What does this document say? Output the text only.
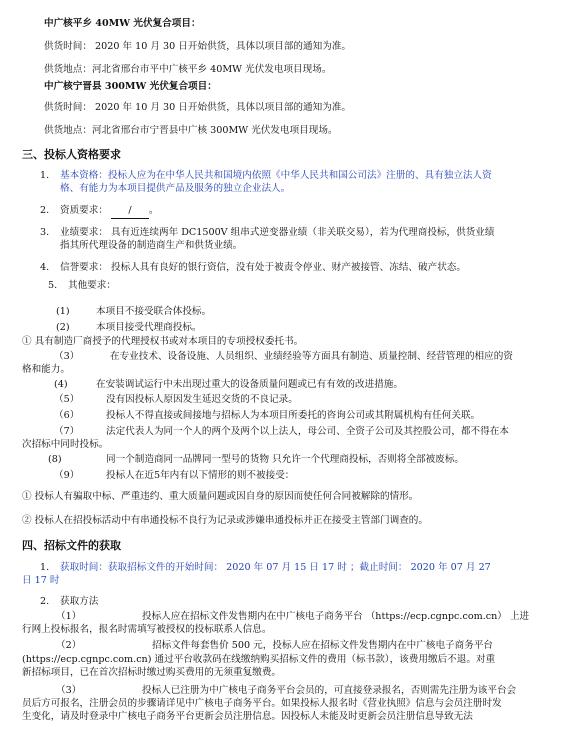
中广核平乡 40MW 光伏复合项目：
供货时间： 2020 年 10 月 30 日开始供货，具体以项目部的通知为准。
供货地点：河北省邢台市平中广核平乡 40MW 光伏发电项目现场。
中广核宁晋县 300MW 光伏复合项目：
供货时间： 2020 年 10 月 30 日开始供货，具体以项目部的通知为准。
供货地点：河北省邢台市宁晋县中广核 300MW 光伏发电项目现场。
三、投标人资格要求
1. 基本资格：投标人应为在中华人民共和国境内依照《中华人民共和国公司法》注册的、具有独立法人资
格、有能力为本项目提供产品及服务的独立企业法人。
2. 资质要求： / 。
3. 业绩要求： 具有近连续两年 DC1500V 组串式逆变器业绩（非关联交易），若为代理商投标，供货业绩
指其所代理设备的制造商生产和供货业绩。
4. 信誉要求： 投标人具有良好的银行资信，没有处于被责令停业、财产被接管、冻结、破产状态。
5. 其他要求：
(1)	本项目不接受联合体投标。
(2)	本项目接受代理商投标。
① 具有制造厂商授予的代理授权书或对本项目的专项授权委托书。
（3）	在专业技术、设备设施、人员组织、业绩经验等方面具有制造、质量控制、经营管理的相应的资
格和能力。
(4)	在安装调试运行中未出现过重大的设备质量问题或已有有效的改进措施。
（5）	没有因投标人原因发生延迟交货的不良记录。
（6）	投标人不得直接或间接地与招标人为本项目所委托的咨询公司或其附属机构有任何关联。
（7）	法定代表人为同一个人的两个及两个以上法人，母公司、全资子公司及其控股公司，都不得在本
次招标中同时投标。
(8)	同一个制造商同一品牌同一型号的货物 只允许一个代理商投标，否则将全部被废标。
（9）	投标人在近5年内有以下情形的则不被接受：
① 投标人有骗取中标、严重违约、重大质量问题或因自身的原因而使任何合同被解除的情形。
② 投标人在招投标活动中有串通投标不良行为记录或涉嫌串通投标并正在接受主管部门调查的。
四、招标文件的获取
1. 获取时间：获取招标文件的开始时间： 2020 年 07 月 15 日 17 时 ；截止时间： 2020 年 07 月 27
日 17 时
2. 获取方法
（1）	投标人应在招标文件发售期内在中广核电子商务平台 （https://ecp.cgnpc.com.cn） 上进
行网上投标报名，报名时需填写被授权的投标联系人信息。
（2）	招标文件每套售价 500 元，投标人应在招标文件发售期内在中广核电子商务平台
(https://ecp.cgnpc.com.cn) 通过平台收款码在线缴纳购买招标文件的费用（标书款），该费用缴后不退。对重
新招标项目，已在首次招标时缴过购买费用的无须重复缴费。
（3）	投标人已注册为中广核电子商务平台会员的，可直接登录报名，否则需先注册为该平台会
员后方可报名，注册会员的步骤请详见中广核电子商务平台。如果投标人报名时《营业执照》信息与会员注册时发
生变化，请及时登录中广核电子商务平台更新会员注册信息。因投标人未能及时更新会员注册信息导致无法
